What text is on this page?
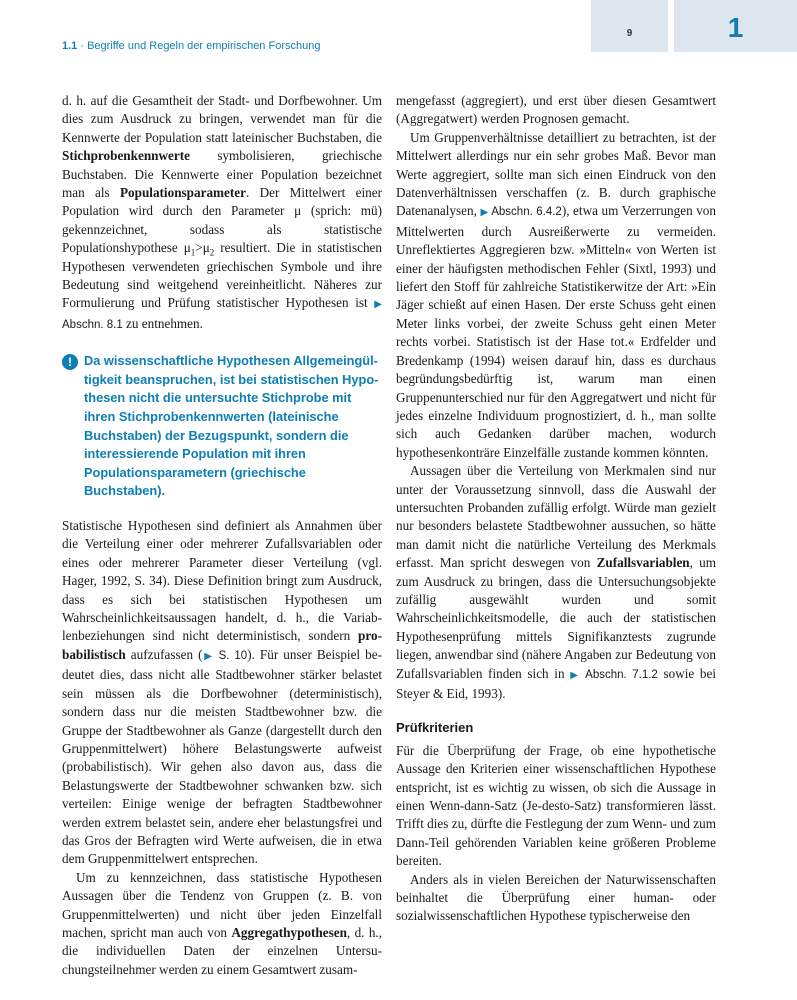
9	1
1.1 · Begriffe und Regeln der empirischen Forschung

d. h. auf die Gesamtheit der Stadt- und Dorfbewohner. Um dies zum Ausdruck zu bringen, verwendet man für die Kennwerte der Population statt lateinischer Buchstaben, die Stichprobenkennwerte symbolisieren, griechische Buchstaben. Die Kennwerte einer Population bezeichnet man als Populationsparameter. Der Mittelwert einer Population wird durch den Parameter μ (sprich: mü) gekennzeichnet, sodass als statistische Populationshypothese $\mu_1>\mu_2$ resultiert. Die in statistischen Hypothesen verwendeten griechischen Symbole und ihre Bedeutung sind weitgehend vereinheitlicht. Näheres zur Formulierung und Prüfung statistischer Hypothesen ist ▶ Abschn. 8.1 zu entnehmen.

! Da wissenschaftliche Hypothesen Allgemeingültigkeit beanspruchen, ist bei statistischen Hypothesen nicht die untersuchte Stichprobe mit ihren Stichprobenkennwerten (lateinische Buchstaben) der Bezugspunkt, sondern die interessierende Population mit ihren Populationsparametern (griechische Buchstaben).

Statistische Hypothesen sind definiert als Annahmen über die Verteilung einer oder mehrerer Zufallsvariablen oder eines oder mehrerer Parameter dieser Verteilung (vgl. Hager, 1992, S. 34). Diese Definition bringt zum Ausdruck, dass es sich bei statistischen Hypothesen um Wahrscheinlichkeitsaussagen handelt, d. h., die Variablenbeziehungen sind nicht deterministisch, sondern probabilistisch aufzufassen (▶ S. 10). Für unser Beispiel bedeutet dies, dass nicht alle Stadtbewohner stärker belastet sein müssen als die Dorfbewohner (deterministisch), sondern dass nur die meisten Stadtbewohner bzw. die Gruppe der Stadtbewohner als Ganze (dargestellt durch den Gruppenmittelwert) höhere Belastungswerte aufweist (probabilistisch). Wir gehen also davon aus, dass die Belastungswerte der Stadtbewohner schwanken bzw. sich verteilen: Einige wenige der befragten Stadtbewohner werden extrem belastet sein, andere eher belastungsfrei und das Gros der Befragten wird Werte aufweisen, die in etwa dem Gruppenmittelwert entsprechen.

Um zu kennzeichnen, dass statistische Hypothesen Aussagen über die Tendenz von Gruppen (z. B. von Gruppenmittelwerten) und nicht über jeden Einzelfall machen, spricht man auch von Aggregathypothesen, d. h., die individuellen Daten der einzelnen Untersuchungsteilnehmer werden zu einem Gesamtwert zusam-

mengefasst (aggregiert), und erst über diesen Gesamtwert (Aggregatwert) werden Prognosen gemacht.

Um Gruppenverhältnisse detailliert zu betrachten, ist der Mittelwert allerdings nur ein sehr grobes Maß. Bevor man Werte aggregiert, sollte man sich einen Eindruck von den Datenverhältnissen verschaffen (z. B. durch graphische Datenanalysen, ▶ Abschn. 6.4.2), etwa um Verzerrungen von Mittelwerten durch Ausreißerwerte zu vermeiden. Unreflektiertes Aggregieren bzw. »Mitteln« von Werten ist einer der häufigsten methodischen Fehler (Sixtl, 1993) und liefert den Stoff für zahlreiche Statistikerwitze der Art: »Ein Jäger schießt auf einen Hasen. Der erste Schuss geht einen Meter links vorbei, der zweite Schuss geht einen Meter rechts vorbei. Statistisch ist der Hase tot.« Erdfelder und Bredenkamp (1994) weisen darauf hin, dass es durchaus begründungsbedürftig ist, warum man einen Gruppenunterschied nur für den Aggregatwert und nicht für jedes einzelne Individuum prognostiziert, d. h., man sollte sich auch Gedanken darüber machen, wodurch hypothesenkonträre Einzelfälle zustande kommen könnten.

Aussagen über die Verteilung von Merkmalen sind nur unter der Voraussetzung sinnvoll, dass die Auswahl der untersuchten Probanden zufällig erfolgt. Würde man gezielt nur besonders belastete Stadtbewohner aussuchen, so hätte man damit nicht die natürliche Verteilung des Merkmals erfasst. Man spricht deswegen von Zufallsvariablen, um zum Ausdruck zu bringen, dass die Untersuchungsobjekte zufällig ausgewählt wurden und somit Wahrscheinlichkeitsmodelle, die auch der statistischen Hypothesenprüfung mittels Signifikanztests zugrunde liegen, anwendbar sind (nähere Angaben zur Bedeutung von Zufallsvariablen finden sich in ▶ Abschn. 7.1.2 sowie bei Steyer & Eid, 1993).

Prüfkriterien

Für die Überprüfung der Frage, ob eine hypothetische Aussage den Kriterien einer wissenschaftlichen Hypothese entspricht, ist es wichtig zu wissen, ob sich die Aussage in einen Wenn-dann-Satz (Je-desto-Satz) transformieren lässt. Trifft dies zu, dürfte die Festlegung der zum Wenn- und zum Dann-Teil gehörenden Variablen keine größeren Probleme bereiten.

Anders als in vielen Bereichen der Naturwissenschaften beinhaltet die Überprüfung einer human- oder sozialwissenschaftlichen Hypothese typischerweise den
